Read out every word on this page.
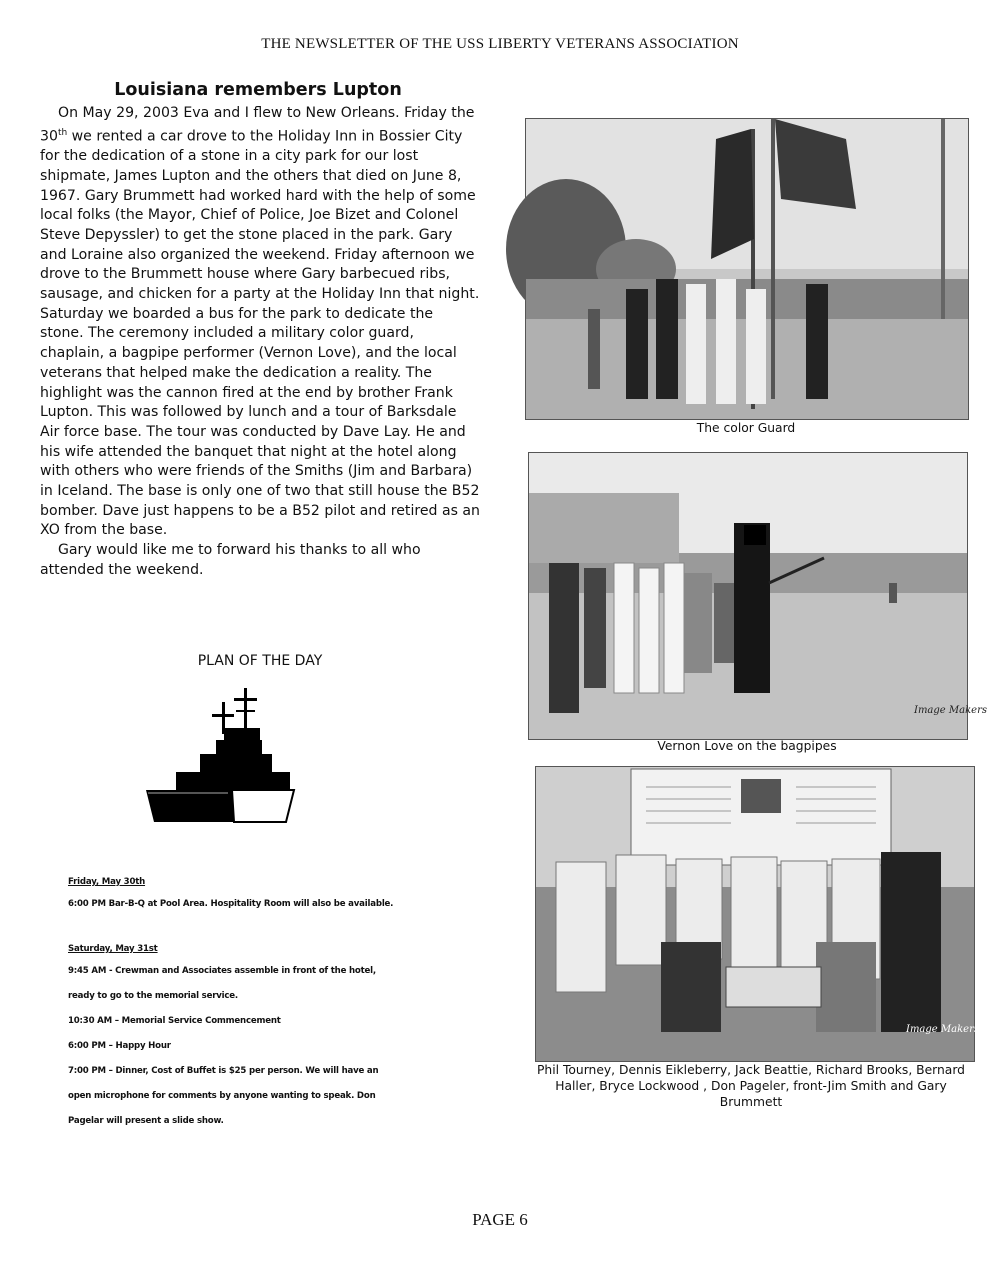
THE NEWSLETTER OF THE USS LIBERTY VETERANS ASSOCIATION
Louisiana remembers Lupton

On May 29, 2003 Eva and I flew to New Orleans. Friday the 30th we rented a car drove to the Holiday Inn in Bossier City for the dedication of a stone in a city park for our lost shipmate, James Lupton and the others that died on June 8, 1967. Gary Brummett had worked hard with the help of some local folks (the Mayor, Chief of Police, Joe Bizet and Colonel Steve Depyssler) to get the stone placed in the park. Gary and Loraine also organized the weekend. Friday afternoon we drove to the Brummett house where Gary barbecued ribs, sausage, and chicken for a party at the Holiday Inn that night. Saturday we boarded a bus for the park to dedicate the stone. The ceremony included a military color guard, chaplain, a bagpipe performer (Vernon Love), and the local veterans that helped make the dedication a reality. The highlight was the cannon fired at the end by brother Frank Lupton. This was followed by lunch and a tour of Barksdale Air force base. The tour was conducted by Dave Lay. He and his wife attended the banquet that night at the hotel along with others who were friends of the Smiths (Jim and Barbara) in Iceland. The base is only one of two that still house the B52 bomber. Dave just happens to be a B52 pilot and retired as an XO from the base.

Gary would like me to forward his thanks to all who attended the weekend.

PLAN OF THE DAY
Friday, May 30th
6:00 PM Bar-B-Q at Pool Area. Hospitality Room will also be available.
Saturday, May 31st
9:45 AM - Crewman and Associates assemble in front of the hotel,
ready to go to the memorial service.
10:30 AM – Memorial Service Commencement
6:00 PM – Happy Hour
7:00 PM – Dinner, Cost of Buffet is $25 per person. We will have an
open microphone for comments by anyone wanting to speak. Don
Pagelar will present a slide show.
The color Guard
Image Makers
Vernon Love on the bagpipes
Image Makers
Phil Tourney, Dennis Eikleberry, Jack Beattie, Richard Brooks, Bernard Haller, Bryce Lockwood , Don Pageler, front-Jim Smith and Gary Brummett
PAGE 6
